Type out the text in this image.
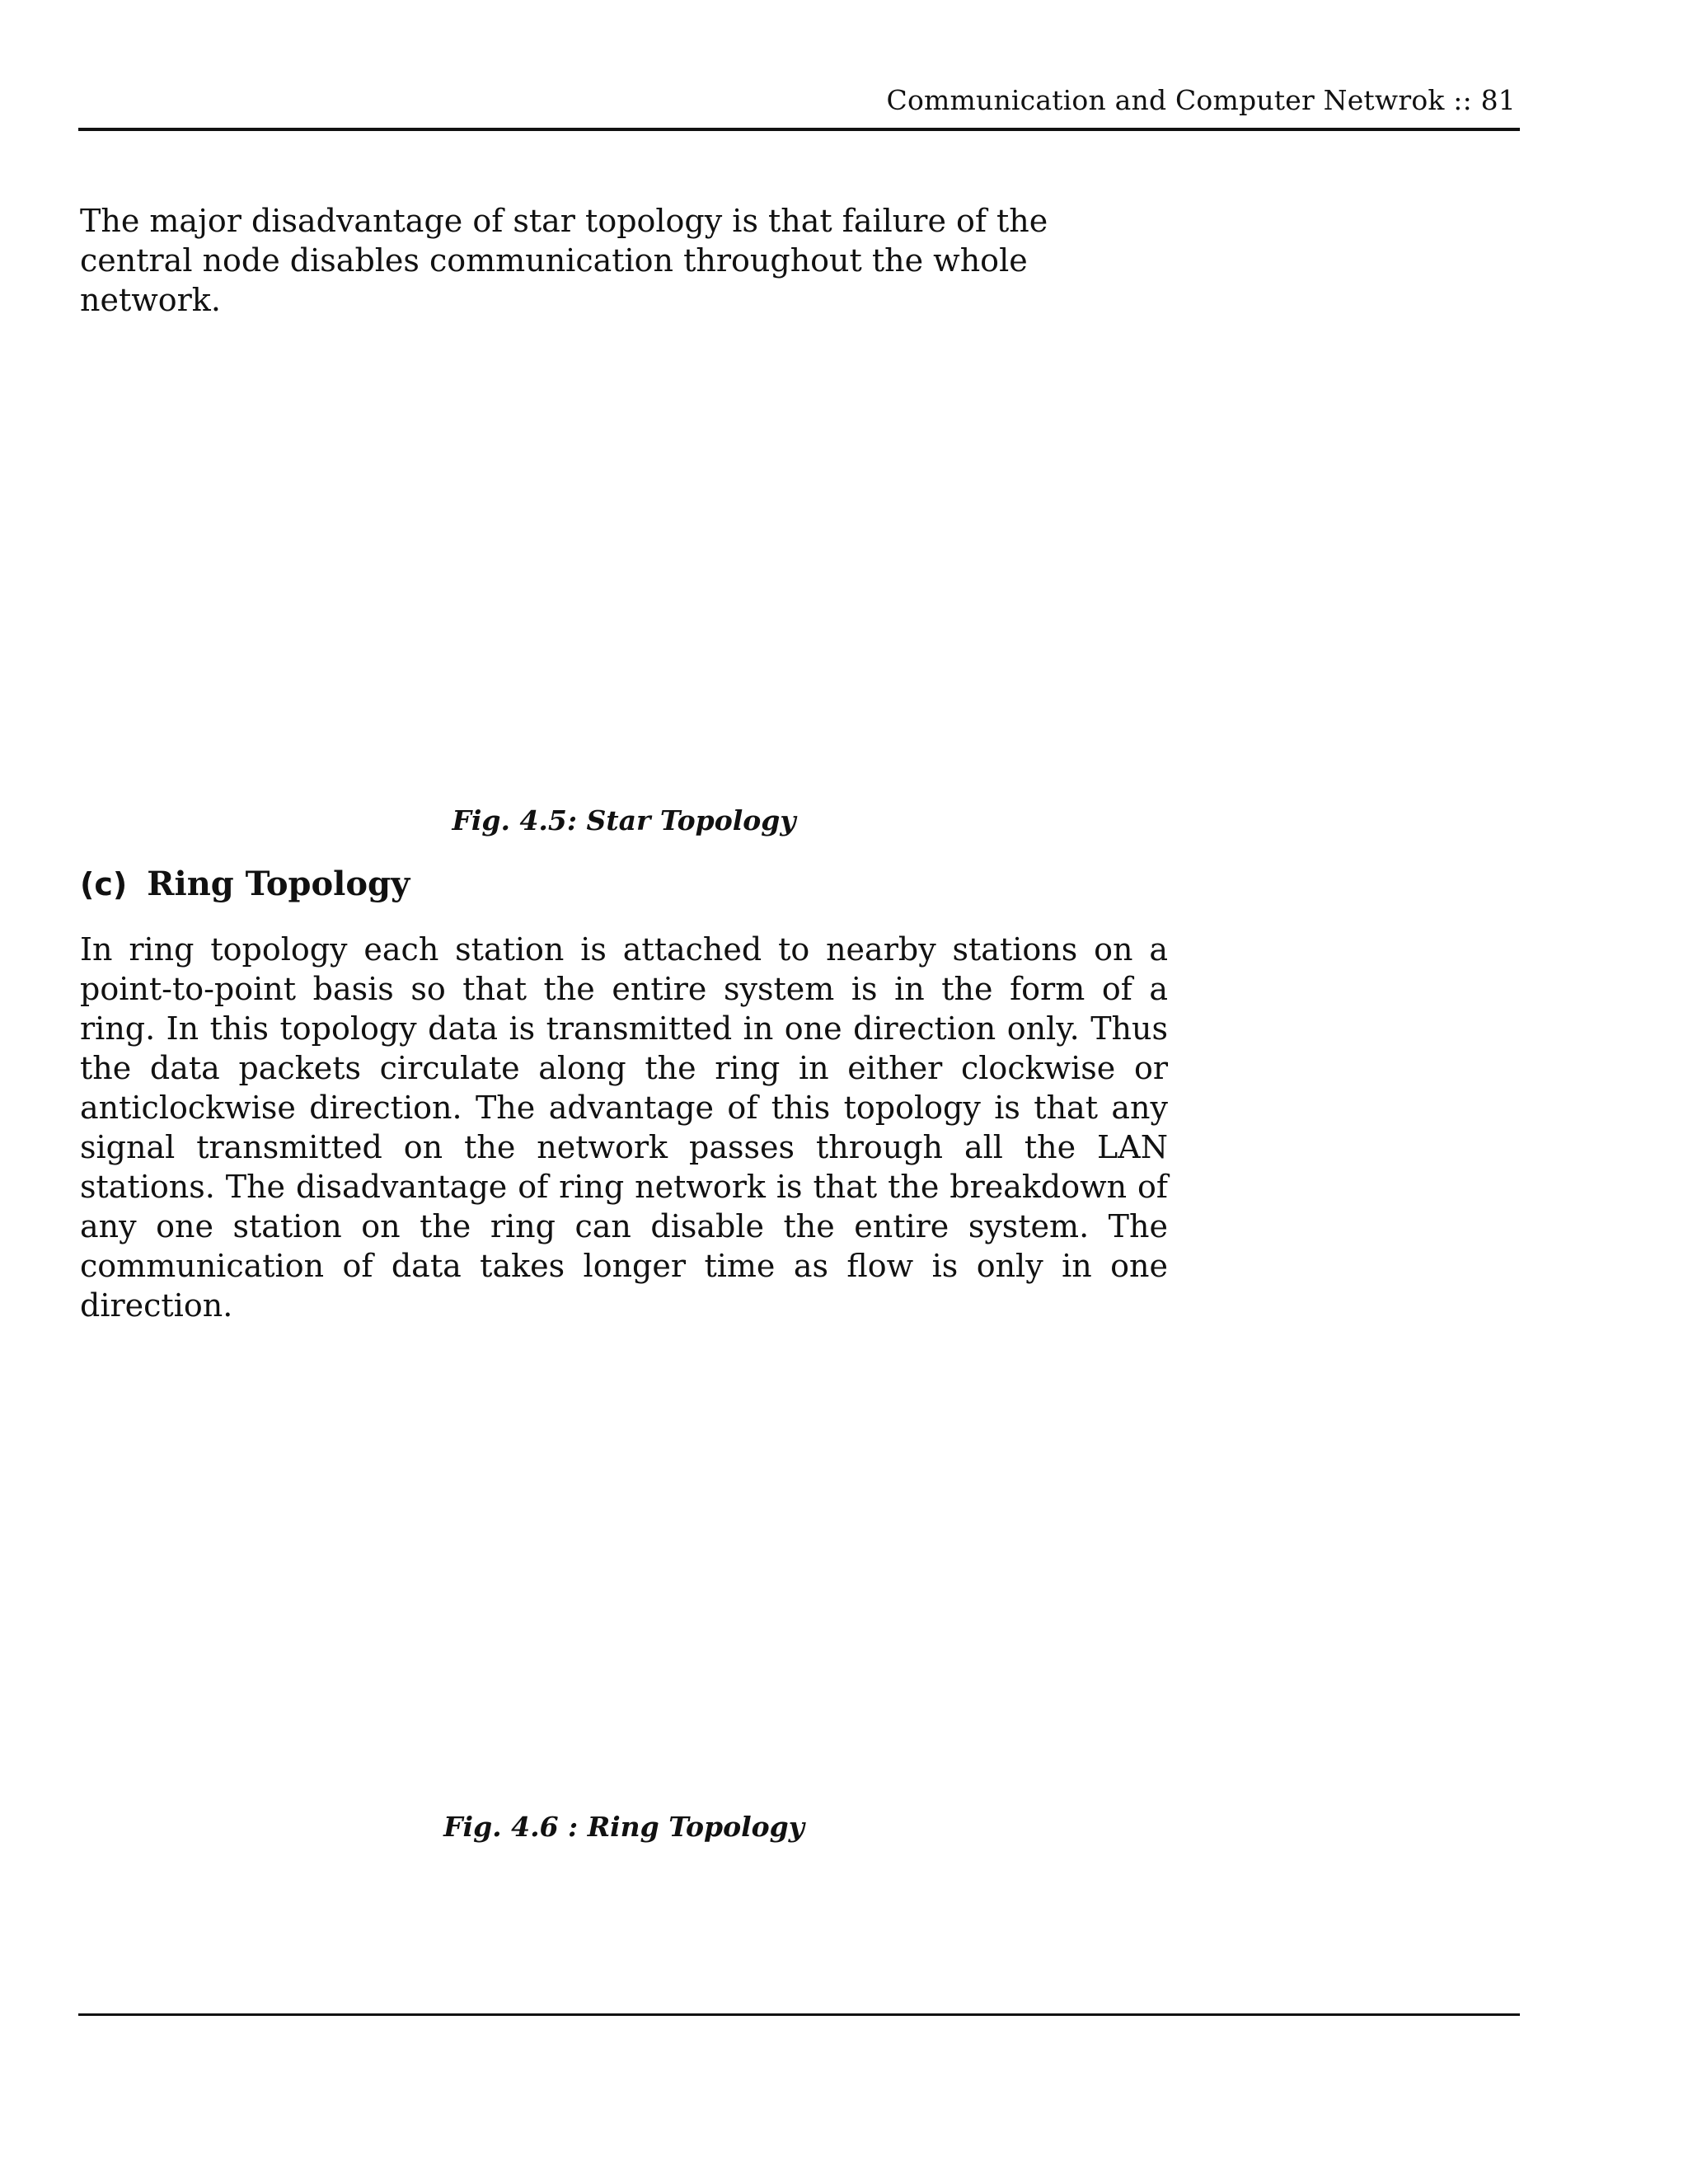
Communication and Computer Netwrok :: 81

The major disadvantage of star topology is that failure of the central node disables communication throughout the whole network.

Fig. 4.5: Star Topology
(c) Ring Topology

In ring topology each station is attached to nearby stations on a point-to-point basis so that the entire system is in the form of a ring. In this topology data is transmitted in one direction only. Thus the data packets circulate along the ring in either clockwise or anticlockwise direction. The advantage of this topology is that any signal transmitted on the network passes through all the LAN stations. The disadvantage of ring network is that the breakdown of any one station on the ring can disable the entire system. The communication of data takes longer time as flow is only in one direction.

Fig. 4.6 : Ring Topology
